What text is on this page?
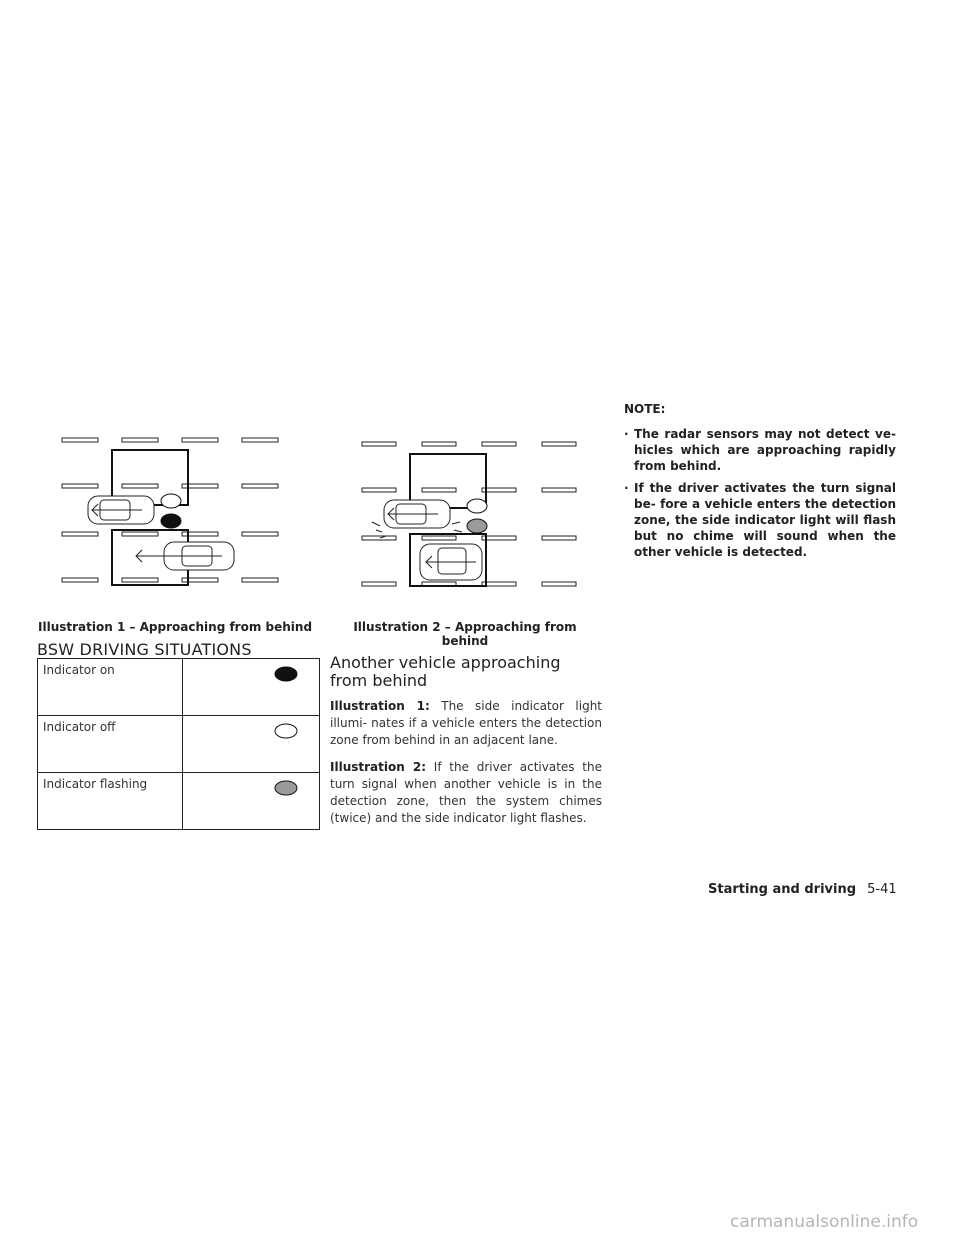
Illustration 1 – Approaching from behind	Illustration 2 – Approaching from
behind
BSW DRIVING SITUATIONS
Indicator on	
Indicator off	
Indicator flashing	
Another vehicle approaching
from behind

Illustration 1: The side indicator light illumi- nates if a vehicle enters the detection zone from behind in an adjacent lane.

Illustration 2: If the driver activates the turn signal when another vehicle is in the detection zone, then the system chimes (twice) and the side indicator light flashes.

NOTE:
· The radar sensors may not detect ve- hicles which are approaching rapidly from behind.
· If the driver activates the turn signal be- fore a vehicle enters the detection zone, the side indicator light will flash but no chime will sound when the other vehicle is detected.
Starting and driving 5-41
carmanualsonline.info
